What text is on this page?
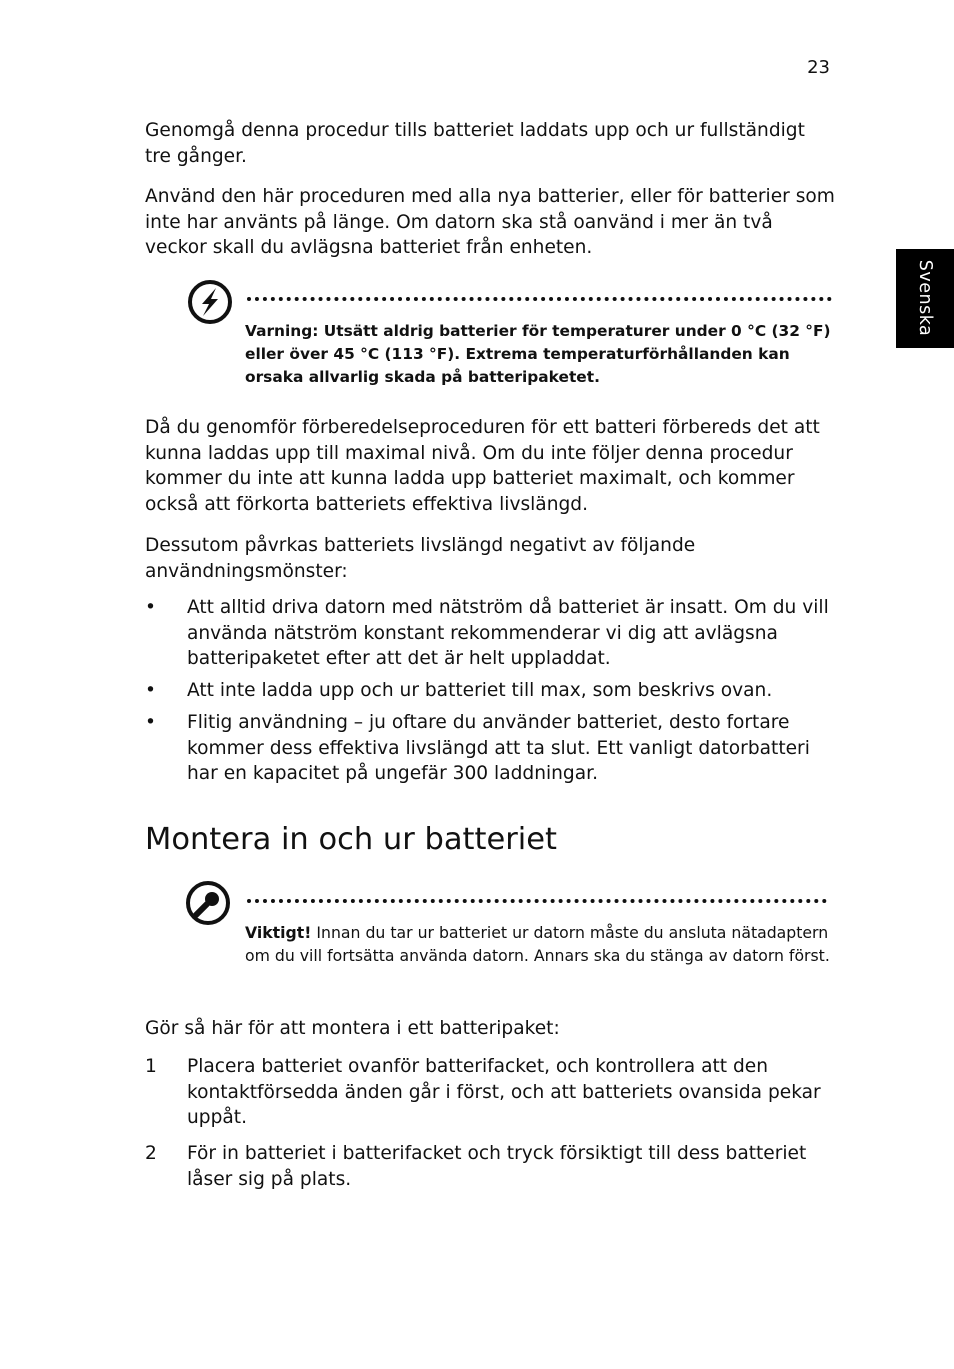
23
Svenska

Genomgå denna procedur tills batteriet laddats upp och ur fullständigt tre gånger.

Använd den här proceduren med alla nya batterier, eller för batterier som inte har använts på länge. Om datorn ska stå oanvänd i mer än två veckor skall du avlägsna batteriet från enheten.

Varning: Utsätt aldrig batterier för temperaturer under 0 °C (32 °F) eller över 45 °C (113 °F). Extrema temperaturförhållanden kan orsaka allvarlig skada på batteripaketet.

Då du genomför förberedelseproceduren för ett batteri förbereds det att kunna laddas upp till maximal nivå. Om du inte följer denna procedur kommer du inte att kunna ladda upp batteriet maximalt, och kommer också att förkorta batteriets effektiva livslängd.

Dessutom påvrkas batteriets livslängd negativt av följande användningsmönster:

•	Att alltid driva datorn med nätström då batteriet är insatt. Om du vill använda nätström konstant rekommenderar vi dig att avlägsna batteripaketet efter att det är helt uppladdat.
•	Att inte ladda upp och ur batteriet till max, som beskrivs ovan.
•	Flitig användning – ju oftare du använder batteriet, desto fortare kommer dess effektiva livslängd att ta slut. Ett vanligt datorbatteri har en kapacitet på ungefär 300 laddningar.
Montera in och ur batteriet

Viktigt! Innan du tar ur batteriet ur datorn måste du ansluta nätadaptern om du vill fortsätta använda datorn. Annars ska du stänga av datorn först.

Gör så här för att montera i ett batteripaket:

1	Placera batteriet ovanför batterifacket, och kontrollera att den kontaktförsedda änden går i först, och att batteriets ovansida pekar uppåt.
2	För in batteriet i batterifacket och tryck försiktigt till dess batteriet låser sig på plats.
